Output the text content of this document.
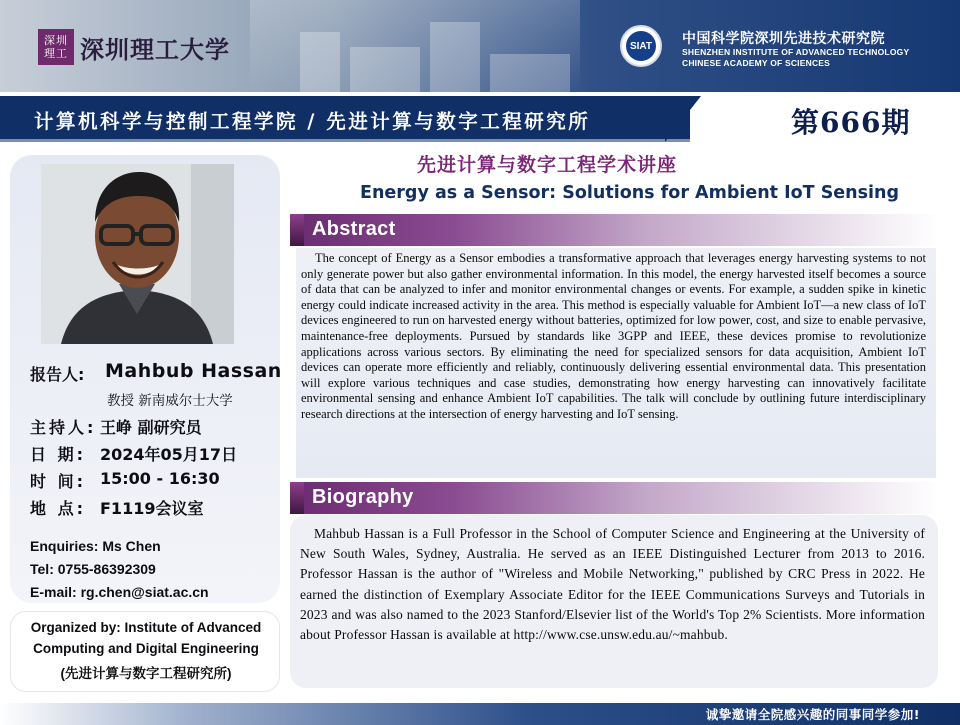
深圳
理工 深圳理工大学	SIAT 中国科学院深圳先进技术研究院
SHENZHEN INSTITUTE OF ADVANCED TECHNOLOGY
CHINESE ACADEMY OF SCIENCES
计算机科学与控制工程学院 / 先进计算与数字工程研究所	第666期
报告人: Mahbub Hassan
教授 新南威尔士大学
主持人: 王峥 副研究员
日 期: 2024年05月17日
时 间: 15:00 - 16:30
地 点: F1119会议室
Enquiries: Ms Chen
Tel: 0755-86392309
E-mail: rg.chen@siat.ac.cn
Organized by: Institute of Advanced
Computing and Digital Engineering
(先进计算与数字工程研究所)
先进计算与数字工程学术讲座
Energy as a Sensor: Solutions for Ambient IoT Sensing
Abstract

The concept of Energy as a Sensor embodies a transformative approach that leverages energy harvesting systems to not only generate power but also gather environmental information. In this model, the energy harvested itself becomes a source of data that can be analyzed to infer and monitor environmental changes or events. For example, a sudden spike in kinetic energy could indicate increased activity in the area. This method is especially valuable for Ambient IoT—a new class of IoT devices engineered to run on harvested energy without batteries, optimized for low power, cost, and size to enable pervasive, maintenance-free deployments. Pursued by standards like 3GPP and IEEE, these devices promise to revolutionize applications across various sectors. By eliminating the need for specialized sensors for data acquisition, Ambient IoT devices can operate more efficiently and reliably, continuously delivering essential environmental data. This presentation will explore various techniques and case studies, demonstrating how energy harvesting can innovatively facilitate environmental sensing and enhance Ambient IoT capabilities. The talk will conclude by outlining future interdisciplinary research directions at the intersection of energy harvesting and IoT sensing.

Biography

Mahbub Hassan is a Full Professor in the School of Computer Science and Engineering at the University of New South Wales, Sydney, Australia. He served as an IEEE Distinguished Lecturer from 2013 to 2016. Professor Hassan is the author of "Wireless and Mobile Networking," published by CRC Press in 2022. He earned the distinction of Exemplary Associate Editor for the IEEE Communications Surveys and Tutorials in 2023 and was also named to the 2023 Stanford/Elsevier list of the World's Top 2% Scientists. More information about Professor Hassan is available at http://www.cse.unsw.edu.au/~mahbub.

诚挚邀请全院感兴趣的同事同学参加!
